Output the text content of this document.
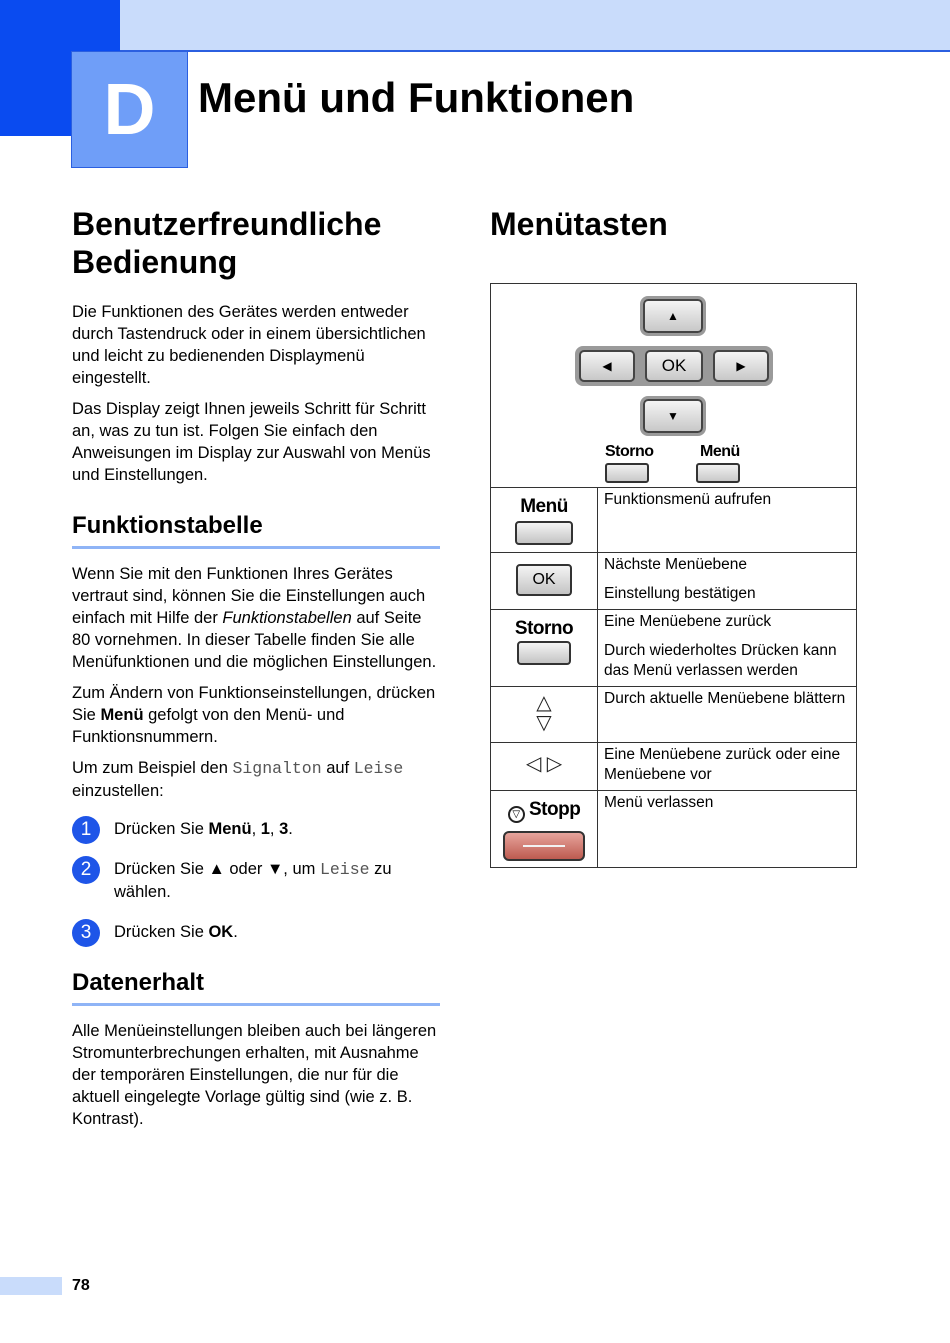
D	Menü und Funktionen
Benutzerfreundliche Bedienung

Die Funktionen des Gerätes werden entweder durch Tastendruck oder in einem übersichtlichen und leicht zu bedienenden Displaymenü eingestellt.

Das Display zeigt Ihnen jeweils Schritt für Schritt an, was zu tun ist. Folgen Sie einfach den Anweisungen im Display zur Auswahl von Menüs und Einstellungen.

Funktionstabelle

Wenn Sie mit den Funktionen Ihres Gerätes vertraut sind, können Sie die Einstellungen auch einfach mit Hilfe der Funktionstabellen auf Seite 80 vornehmen. In dieser Tabelle finden Sie alle Menüfunktionen und die möglichen Einstellungen.

Zum Ändern von Funktionseinstellungen, drücken Sie Menü gefolgt von den Menü- und Funktionsnummern.

Um zum Beispiel den Signalton auf Leise einzustellen:

1	Drücken Sie Menü, 1, 3.
2	Drücken Sie ▲ oder ▼, um Leise zu wählen.
3	Drücken Sie OK.
Datenerhalt

Alle Menüeinstellungen bleiben auch bei längeren Stromunterbrechungen erhalten, mit Ausnahme der temporären Einstellungen, die nur für die aktuell eingelegte Vorlage gültig sind (wie z. B. Kontrast).

Menütasten
▲
◀	OK	▶
▼
Storno	Menü
Menü	Funktionsmenü aufrufen

OK	Nächste Menüebene

Einstellung bestätigen

Storno	Eine Menüebene zurück

Durch wiederholtes Drücken kann das Menü verlassen werden

△
▽	Durch aktuelle Menüebene blättern

◁ ▷	Eine Menüebene zurück oder eine Menüebene vor

▽ Stopp	Menü verlassen

78
